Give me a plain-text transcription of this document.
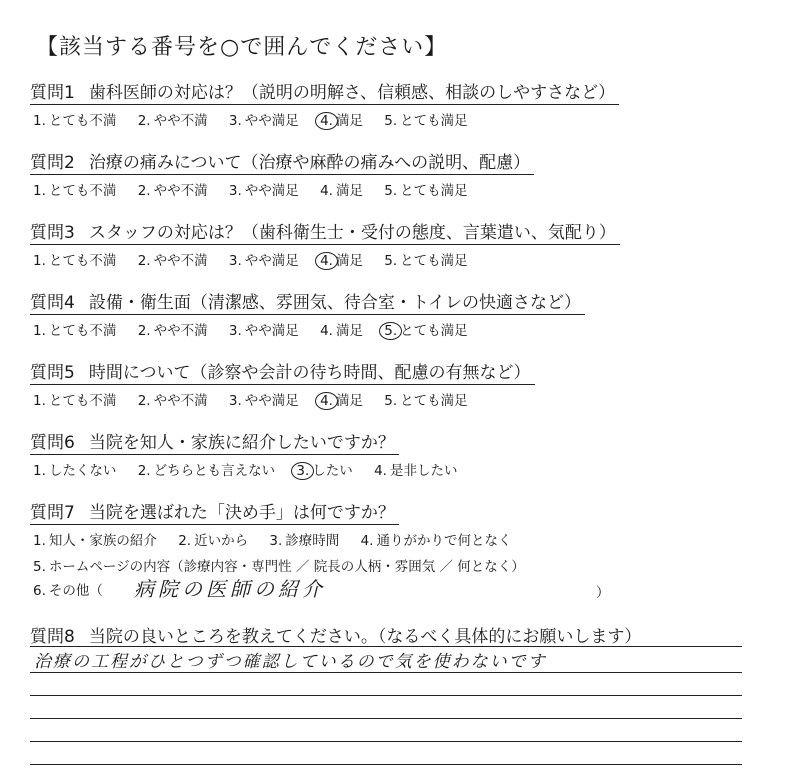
【該当する番号を○で囲んでください】
質問1 歯科医師の対応は？（説明の明解さ、信頼感、相談のしやすさなど）
1. とても不満 2. やや不満 3. やや満足 4. 満足 5. とても満足
質問2 治療の痛みについて（治療や麻酔の痛みへの説明、配慮）
1. とても不満 2. やや不満 3. やや満足 4. 満足 5. とても満足
質問3 スタッフの対応は？（歯科衛生士・受付の態度、言葉遣い、気配り）
1. とても不満 2. やや不満 3. やや満足 4. 満足 5. とても満足
質問4 設備・衛生面（清潔感、雰囲気、待合室・トイレの快適さなど）
1. とても不満 2. やや不満 3. やや満足 4. 満足 5. とても満足
質問5 時間について（診察や会計の待ち時間、配慮の有無など）
1. とても不満 2. やや不満 3. やや満足 4. 満足 5. とても満足
質問6 当院を知人・家族に紹介したいですか？
1. したくない 2. どちらとも言えない 3. したい 4. 是非したい
質問7 当院を選ばれた「決め手」は何ですか？
1. 知人・家族の紹介 2. 近いから 3. 診療時間 4. 通りがかりで何となく
5. ホームページの内容（診療内容・専門性 ／ 院長の人柄・雰囲気 ／ 何となく）
6. その他（ 病院の医師の紹介	）
質問8 当院の良いところを教えてください。（なるべく具体的にお願いします）
治療の工程がひとつずつ確認しているので気を使わないです
